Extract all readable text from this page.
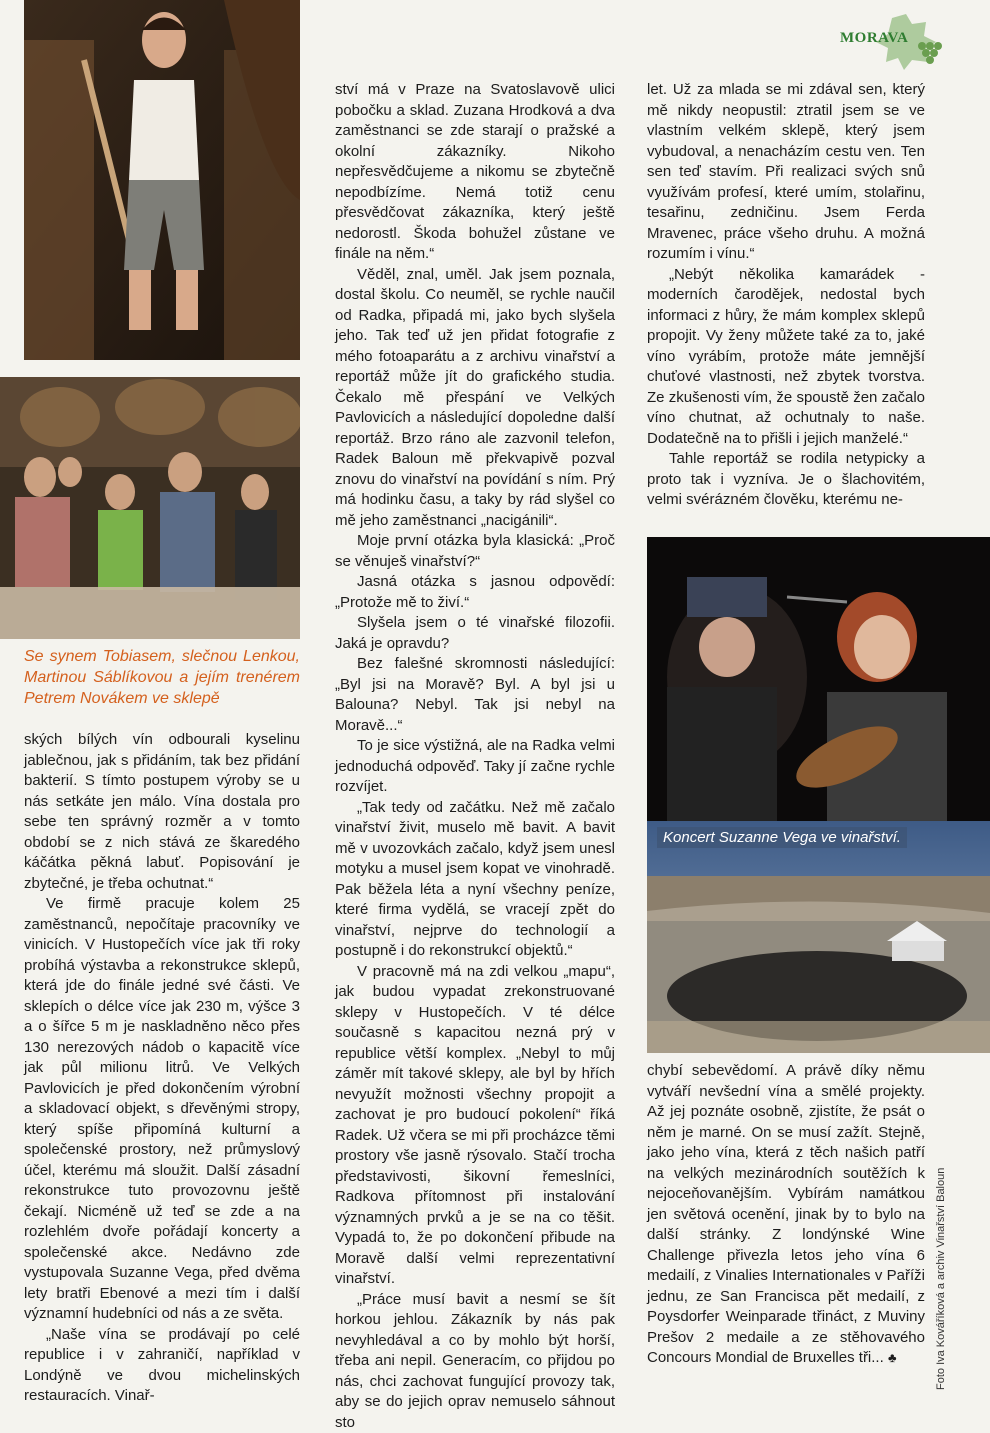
MORAVA

Se synem Tobiasem, slečnou Lenkou, Martinou Sáblíkovou a jejím trenérem Petrem Novákem ve sklepě

ských bílých vín odbourali kyselinu jablečnou, jak s přidáním, tak bez přidání bakterií. S tímto postupem výroby se u nás setkáte jen málo. Vína dostala pro sebe ten správný rozměr a v tomto období se z nich stává ze škaredého káčátka pěkná labuť. Popisování je zbytečné, je třeba ochutnat.“

Ve firmě pracuje kolem 25 zaměstnanců, nepočítaje pracovníky ve vinicích. V Hustopečích více jak tři roky probíhá výstavba a rekonstrukce sklepů, která jde do finále jedné své části. Ve sklepích o délce více jak 230 m, výšce 3 a o šířce 5 m je naskladněno něco přes 130 nerezových nádob o kapacitě více jak půl milionu litrů. Ve Velkých Pavlovicích je před dokončením výrobní a skladovací objekt, s dřevěnými stropy, který spíše připomíná kulturní a společenské prostory, než průmyslový účel, kterému má sloužit. Další zásadní rekonstrukce tuto provozovnu ještě čekají. Nicméně už teď se zde a na rozlehlém dvoře pořádají koncerty a společenské akce. Nedávno zde vystupovala Suzanne Vega, před dvěma lety bratři Ebenové a mezi tím i další významní hudebníci od nás a ze světa.

„Naše vína se prodávají po celé republice i v zahraničí, například v Londýně ve dvou michelinských restauracích. Vinař-

ství má v Praze na Svatoslavově ulici pobočku a sklad. Zuzana Hrodková a dva zaměstnanci se zde starají o pražské a okolní zákazníky. Nikoho nepřesvědčujeme a nikomu se zbytečně nepodbízíme. Nemá totiž cenu přesvědčovat zákazníka, který ještě nedorostl. Škoda bohužel zůstane ve finále na něm.“

Věděl, znal, uměl. Jak jsem poznala, dostal školu. Co neuměl, se rychle naučil od Radka, připadá mi, jako bych slyšela jeho. Tak teď už jen přidat fotografie z mého fotoaparátu a z archivu vinařství a reportáž může jít do grafického studia. Čekalo mě přespání ve Velkých Pavlovicích a následující dopoledne další reportáž. Brzo ráno ale zazvonil telefon, Radek Baloun mě překvapivě pozval znovu do vinařství na povídání s ním. Prý má hodinku času, a taky by rád slyšel co mě jeho zaměstnanci „nacigánili“.

Moje první otázka byla klasická: „Proč se věnuješ vinařství?“

Jasná otázka s jasnou odpovědí: „Protože mě to živí.“

Slyšela jsem o té vinařské filozofii. Jaká je opravdu?

Bez falešné skromnosti následující: „Byl jsi na Moravě? Byl. A byl jsi u Balouna? Nebyl. Tak jsi nebyl na Moravě...“

To je sice výstižná, ale na Radka velmi jednoduchá odpověď. Taky jí začne rychle rozvíjet.

„Tak tedy od začátku. Než mě začalo vinařství živit, muselo mě bavit. A bavit mě v uvozovkách začalo, když jsem unesl motyku a musel jsem kopat ve vinohradě. Pak běžela léta a nyní všechny peníze, které firma vydělá, se vracejí zpět do vinařství, nejprve do technologií a postupně i do rekonstrukcí objektů.“

V pracovně má na zdi velkou „mapu“, jak budou vypadat zrekonstruované sklepy v Hustopečích. V té délce současně s kapacitou nezná prý v republice větší komplex. „Nebyl to můj záměr mít takové sklepy, ale byl by hřích nevyužít možnosti všechny propojit a zachovat je pro budoucí pokolení“ říká Radek. Už včera se mi při procházce těmi prostory vše jasně rýsovalo. Stačí trocha představivosti, šikovní řemeslníci, Radkova přítomnost při instalování významných prvků a je se na co těšit. Vypadá to, že po dokončení přibude na Moravě další velmi reprezentativní vinařství.

„Práce musí bavit a nesmí se šít horkou jehlou. Zákazník by nás pak nevyhledával a co by mohlo být horší, třeba ani nepil. Generacím, co přijdou po nás, chci zachovat fungující provozy tak, aby se do jejich oprav nemuselo sáhnout sto

let. Už za mlada se mi zdával sen, který mě nikdy neopustil: ztratil jsem se ve vlastním velkém sklepě, který jsem vybudoval, a nenacházím cestu ven. Ten sen teď stavím. Při realizaci svých snů využívám profesí, které umím, stolařinu, tesařinu, zedničinu. Jsem Ferda Mravenec, práce všeho druhu. A možná rozumím i vínu.“

„Nebýt několika kamarádek - moderních čarodějek, nedostal bych informaci z hůry, že mám komplex sklepů propojit. Vy ženy můžete také za to, jaké víno vyrábím, protože máte jemnější chuťové vlastnosti, než zbytek tvorstva. Ze zkušenosti vím, že spoustě žen začalo víno chutnat, až ochutnaly to naše. Dodatečně na to přišli i jejich manželé.“

Tahle reportáž se rodila netypicky a proto tak i vyzníva. Je o šlachovitém, velmi svérázném člověku, kterému ne-

Koncert Suzanne Vega ve vinařství.

chybí sebevědomí. A právě díky němu vytváří nevšední vína a smělé projekty. Až jej poznáte osobně, zjistíte, že psát o něm je marné. On se musí zažít. Stejně, jako jeho vína, která z těch našich patří na velkých mezinárodních soutěžích k nejoceňovanějším. Vybírám namátkou jen světová ocenění, jinak by to bylo na další stránky. Z londýnské Wine Challenge přivezla letos jeho vína 6 medailí, z Vinalies Internationales v Paříži jednu, ze San Francisca pět medailí, z Poysdorfer Weinparade třináct, z Muviny Prešov 2 medaile a ze stěhovavého Concours Mondial de Bruxelles tři... ♣	Foto Iva Kováříková a archiv Vinařství Baloun
